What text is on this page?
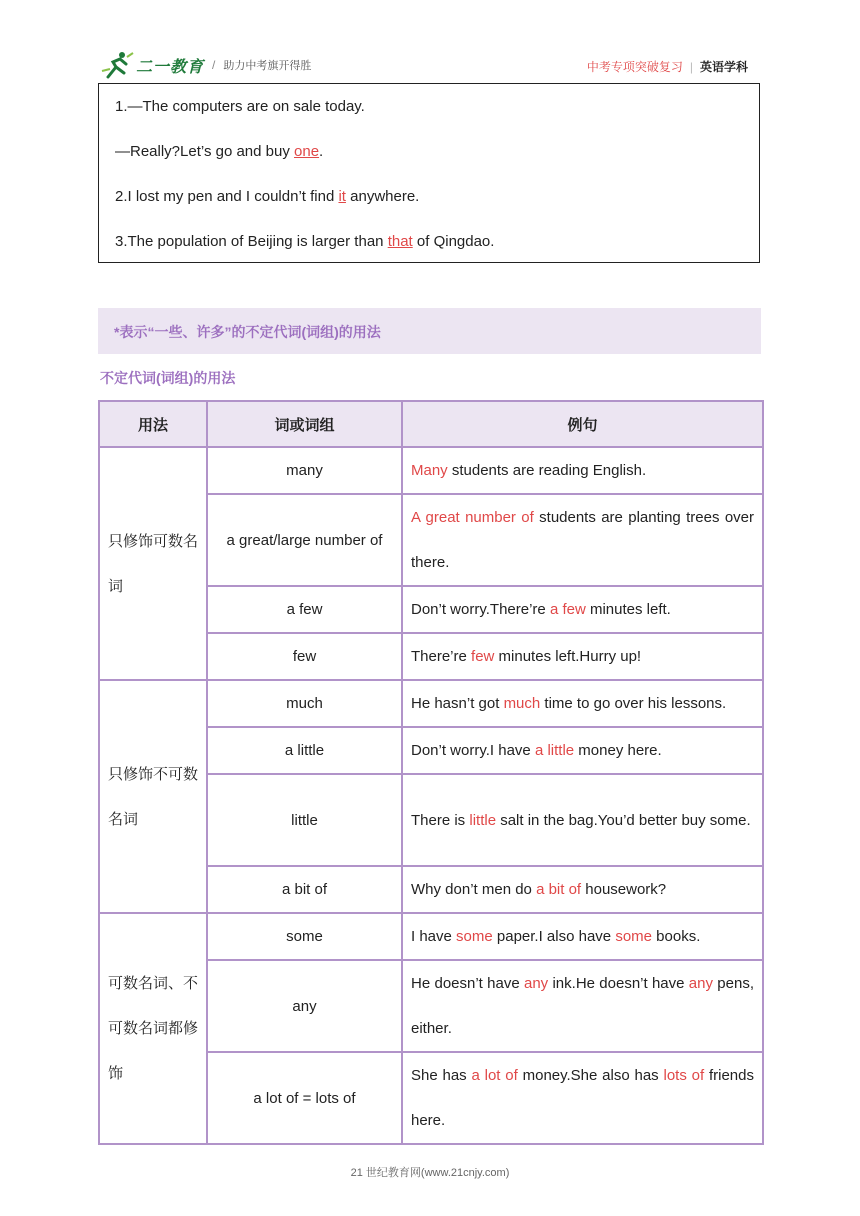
二一教育 / 助力中考旗开得胜	中考专项突破复习 | 英语学科

1.—The computers are on sale today.

—Really?Let’s go and buy one.

2.I lost my pen and I couldn’t find it anywhere.

3.The population of Beijing is larger than that of Qingdao.

*表示“一些、许多”的不定代词(词组)的用法
不定代词(词组)的用法
用法	词或词组	例句
只修饰可数名词	many	Many students are reading English.
	a great/large number of	A great number of students are planting trees over there.
	a few	Don’t worry.There’re a few minutes left.
	few	There’re few minutes left.Hurry up!
只修饰不可数名词	much	He hasn’t got much time to go over his lessons.
	a little	Don’t worry.I have a little money here.
	little	There is little salt in the bag.You’d better buy some.
	a bit of	Why don’t men do a bit of housework?
可数名词、不可数名词都修饰	some	I have some paper.I also have some books.
	any	He doesn’t have any ink.He doesn’t have any pens, either.
	a lot of = lots of	She has a lot of money.She also has lots of friends here.
21 世纪教育网(www.21cnjy.com)
